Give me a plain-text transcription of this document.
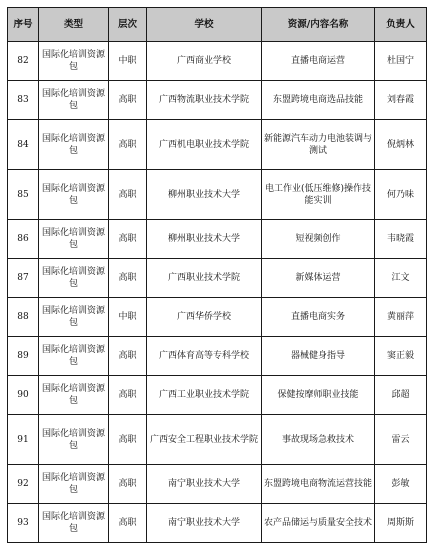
序号	类型	层次	学校	资源/内容名称	负责人
82	国际化培训资源包	中职	广西商业学校	直播电商运营	杜国宁
83	国际化培训资源包	高职	广西物流职业技术学院	东盟跨境电商选品技能	刘春霞
84	国际化培训资源包	高职	广西机电职业技术学院	新能源汽车动力电池装调与测试	倪炳林
85	国际化培训资源包	高职	柳州职业技术大学	电工作业(低压维修)操作技能实训	何乃味
86	国际化培训资源包	高职	柳州职业技术大学	短视频创作	韦晓霞
87	国际化培训资源包	高职	广西职业技术学院	新媒体运营	江文
88	国际化培训资源包	中职	广西华侨学校	直播电商实务	黄丽萍
89	国际化培训资源包	高职	广西体育高等专科学校	器械健身指导	窦正毅
90	国际化培训资源包	高职	广西工业职业技术学院	保健按摩师职业技能	邱超
91	国际化培训资源包	高职	广西安全工程职业技术学院	事故现场急救技术	雷云
92	国际化培训资源包	高职	南宁职业技术大学	东盟跨境电商物流运营技能	彭敏
93	国际化培训资源包	高职	南宁职业技术大学	农产品储运与质量安全技术	周斯斯
